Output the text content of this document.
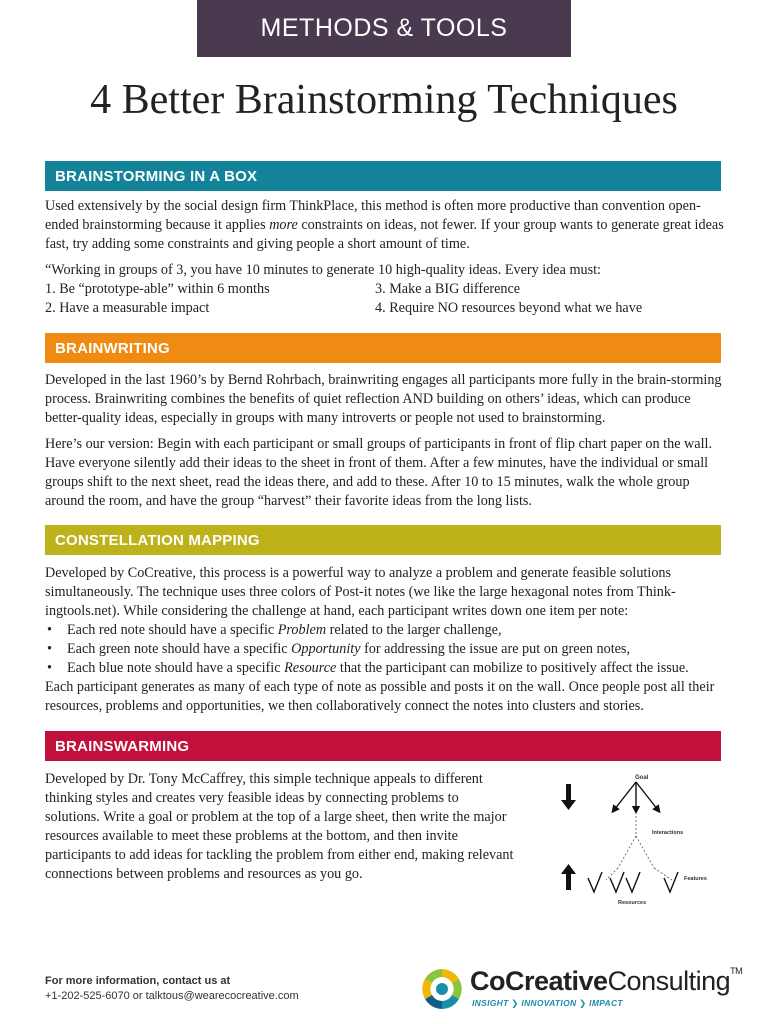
METHODS & TOOLS
4 Better Brainstorming Techniques
BRAINSTORMING IN A BOX

Used extensively by the social design firm ThinkPlace, this method is often more productive than convention open-ended brainstorming because it applies more constraints on ideas, not fewer. If your group wants to generate great ideas fast, try adding some constraints and giving people a short amount of time.

“Working in groups of 3, you have 10 minutes to generate 10 high-quality ideas. Every idea must:
1. Be “prototype-able” within 6 months	3. Make a BIG difference
2. Have a measurable impact	4. Require NO resources beyond what we have
BRAINWRITING

Developed in the last 1960’s by Bernd Rohrbach, brainwriting engages all participants more fully in the brain-storming process. Brainwriting combines the benefits of quiet reflection AND building on others’ ideas, which can produce better-quality ideas, especially in groups with many introverts or people not used to brainstorming.

Here’s our version: Begin with each participant or small groups of participants in front of flip chart paper on the wall. Have everyone silently add their ideas to the sheet in front of them. After a few minutes, have the individual or small groups shift to the next sheet, read the ideas there, and add to these. After 10 to 15 minutes, walk the whole group around the room, and have the group “harvest” their favorite ideas from the long lists.

CONSTELLATION MAPPING
Developed by CoCreative, this process is a powerful way to analyze a problem and generate feasible solutions simultaneously. The technique uses three colors of Post-it notes (we like the large hexagonal notes from Think-ingtools.net). While considering the challenge at hand, each participant writes down one item per note:
• Each red note should have a specific Problem related to the larger challenge,
• Each green note should have a specific Opportunity for addressing the issue are put on green notes,
• Each blue note should have a specific Resource that the participant can mobilize to positively affect the issue.
Each participant generates as many of each type of note as possible and posts it on the wall. Once people post all their resources, problems and opportunities, we then collaboratively connect the notes into clusters and stories.
BRAINSWARMING

Developed by Dr. Tony McCaffrey, this simple technique appeals to different thinking styles and creates very feasible ideas by connecting problems to solutions. Write a goal or problem at the top of a large sheet, then write the major resources available to meet these problems at the bottom, and then invite participants to add ideas for tackling the problem from either end, making relevant connections between problems and resources as you go.

Goal
Interactions
Features
Resources
For more information, contact us at
+1-202-525-6070 or talktous@wearecocreative.com	CoCreativeConsulting™
INSIGHT ❯ INNOVATION ❯ IMPACT
